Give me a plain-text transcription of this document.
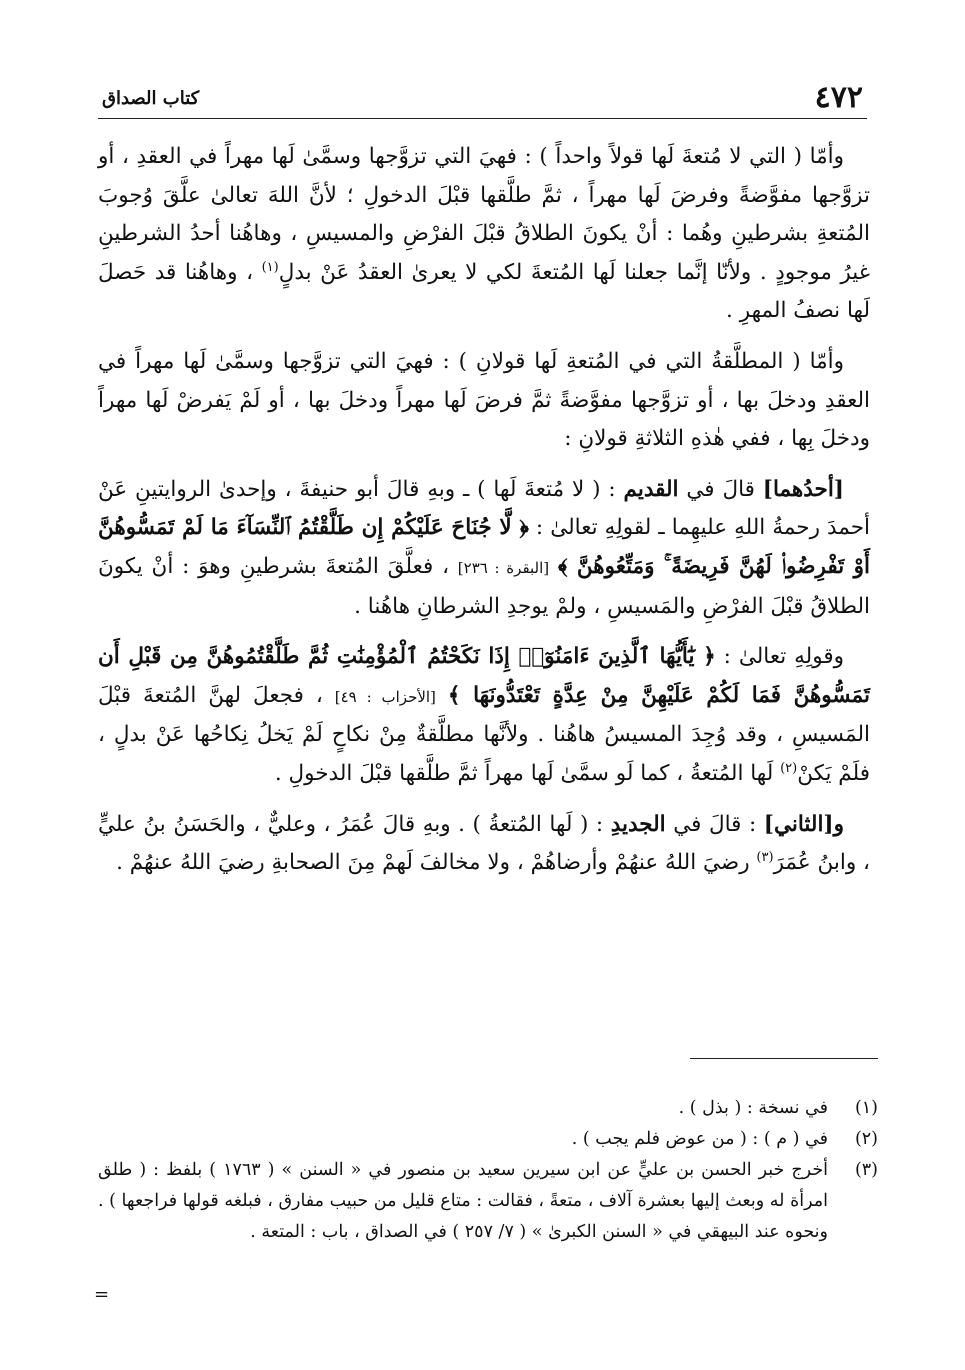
٤٧٢
كتاب الصداق

وأمّا ( التي لا مُتعةَ لَها قولاً واحداً ) : فهيَ التي تزوَّجها وسمَّىٰ لَها مهراً في العقدِ ، أو تزوَّجها مفوَّضةً وفرضَ لَها مهراً ، ثمَّ طلَّقها قبْلَ الدخولِ ؛ لأنَّ اللهَ تعالىٰ علَّقَ وُجوبَ المُتعةِ بشرطينِ وهُما : أنْ يكونَ الطلاقُ قبْلَ الفرْضِ والمسيسِ ، وهاهُنا أحدُ الشرطينِ غيرُ موجودٍ . ولأنّا إنَّما جعلنا لَها المُتعةَ لكي لا يعرىٰ العقدُ عَنْ بدلٍ$^{(١)}$ ، وهاهُنا قد حَصلَ لَها نصفُ المهرِ .

وأمّا ( المطلَّقةُ التي في المُتعةِ لَها قولانِ ) : فهيَ التي تزوَّجها وسمَّىٰ لَها مهراً في العقدِ ودخلَ بها ، أو تزوَّجها مفوَّضةً ثمَّ فرضَ لَها مهراً ودخلَ بها ، أو لَمْ يَفرضْ لَها مهراً ودخلَ بِها ، ففي هٰذهِ الثلاثةِ قولانِ :

[أحدُهما] قالَ في القديم : ( لا مُتعةَ لَها ) ـ وبهِ قالَ أبو حنيفةَ ، وإحدىٰ الروايتينِ عَنْ أحمدَ رحمةُ اللهِ عليهِما ـ لقولِهِ تعالىٰ : ﴿ لَّا جُنَاحَ عَلَيْكُمْ إِن طَلَّقْتُمُ ٱلنِّسَآءَ مَا لَمْ تَمَسُّوهُنَّ أَوْ تَفْرِضُوا۟ لَهُنَّ فَرِيضَةً ۚ وَمَتِّعُوهُنَّ ﴾ [البقرة : ٢٣٦] ، فعلَّقَ المُتعةَ بشرطينِ وهوَ : أنْ يكونَ الطلاقُ قبْلَ الفرْضِ والمَسيسِ ، ولمْ يوجدِ الشرطانِ هاهُنا .

وقولِهِ تعالىٰ : ﴿ يَٰٓأَيُّهَا ٱلَّذِينَ ءَامَنُوٓا۟ إِذَا نَكَحْتُمُ ٱلْمُؤْمِنَٰتِ ثُمَّ طَلَّقْتُمُوهُنَّ مِن قَبْلِ أَن تَمَسُّوهُنَّ فَمَا لَكُمْ عَلَيْهِنَّ مِنْ عِدَّةٍ تَعْتَدُّونَهَا ﴾ [الأحزاب : ٤٩] ، فجعلَ لهنَّ المُتعةَ قبْلَ المَسيسِ ، وقد وُجِدَ المسيسُ هاهُنا . ولأنَّها مطلَّقةٌ مِنْ نكاحٍ لَمْ يَخلُ نِكاحُها عَنْ بدلٍ ، فلَمْ يَكنْ$^{(٢)}$ لَها المُتعةُ ، كما لَو سمَّىٰ لَها مهراً ثمَّ طلَّقها قبْلَ الدخولِ .

و[الثاني] : قالَ في الجديدِ : ( لَها المُتعةُ ) . وبهِ قالَ عُمَرُ ، وعليٌّ ، والحَسَنُ بنُ عليٍّ ، وابنُ عُمَرَ$^{(٣)}$ رضيَ اللهُ عنهُمْ وأرضاهُمْ ، ولا مخالفَ لَهمْ مِنَ الصحابةِ رضيَ اللهُ عنهُمْ .

(١)
في نسخة : ( بذل ) .
(٢)
في ( م ) : ( من عوض فلم يجب ) .
(٣)
أخرج خبر الحسن بن عليٍّ عن ابن سيرين سعيد بن منصور في « السنن » ( ١٧٦٣ ) بلفظ : ( طلق امرأة له وبعث إليها بعشرة آلاف ، متعةً ، فقالت : متاع قليل من حبيب مفارق ، فبلغه قولها فراجعها ) . ونحوه عند البيهقي في « السنن الكبرىٰ » ( ٧/ ٢٥٧ ) في الصداق ، باب : المتعة .
=
